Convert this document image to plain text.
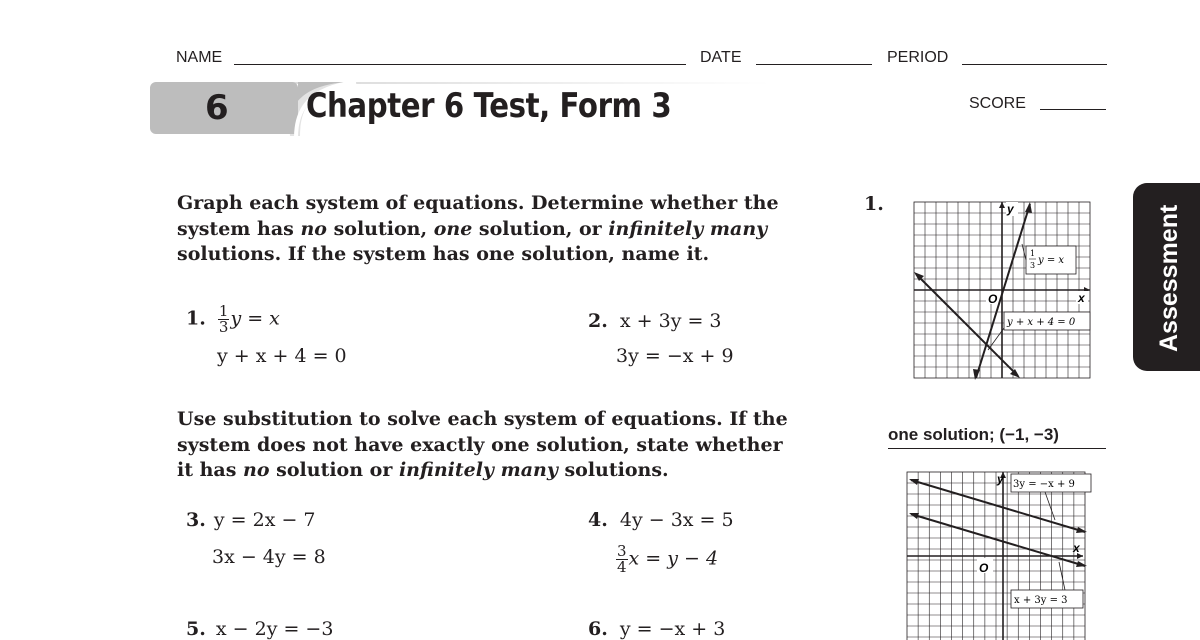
NAME	DATE	PERIOD
6 Chapter 6 Test, Form 3	SCORE
Graph each system of equations. Determine whether the
system has no solution, one solution, or infinitely many
solutions. If the system has one solution, name it.
1. $\frac{1}{3}$ y = x
y + x + 4 = 0
2. x + 3y = 3
3y = −x + 9
Use substitution to solve each system of equations. If the
system does not have exactly one solution, state whether
it has no solution or infinitely many solutions.
3. y = 2x − 7
3x − 4y = 8
4. 4y − 3x = 5
$\frac{3}{4}$ x = y − 4
5. x − 2y = −3	6. y = −x + 3
1.	y
x
O
1
3 y = x
y + x + 4 = 0
one solution; (−1, −3)
y
x
O
3y = −x + 9
x + 3y = 3
Assessment
